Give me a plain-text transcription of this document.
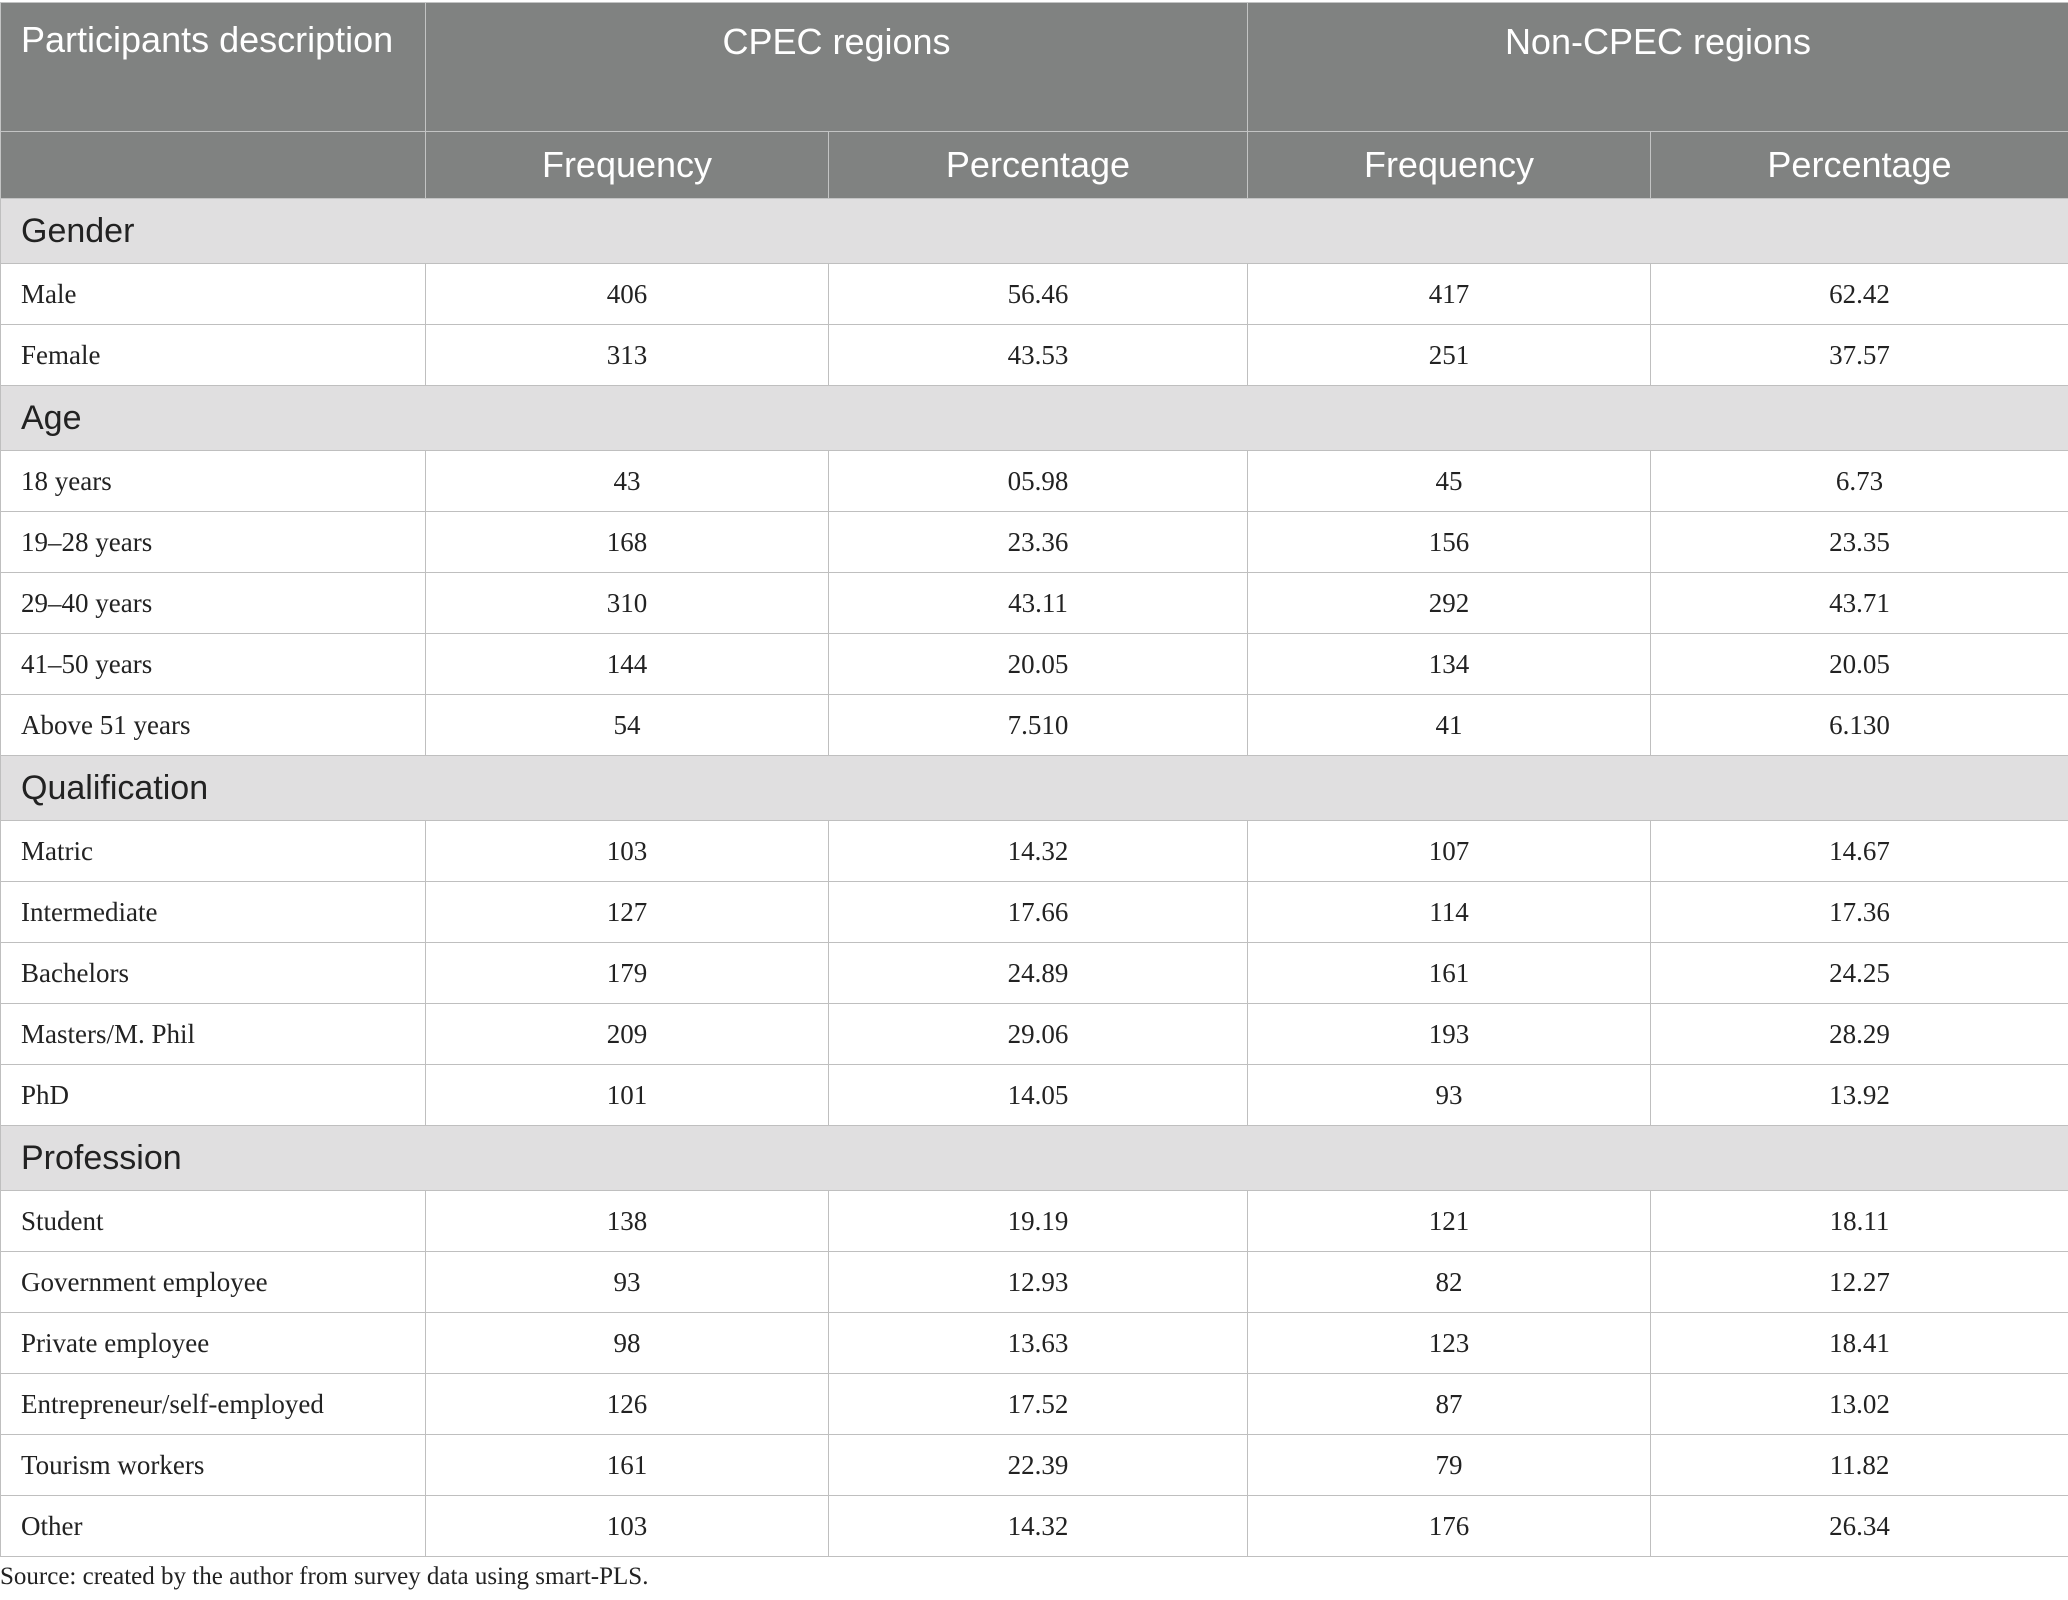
Participants description	CPEC regions		Non-CPEC regions	
	Frequency	Percentage	Frequency	Percentage
Gender				
Male	406	56.46	417	62.42
Female	313	43.53	251	37.57
Age				
18 years	43	05.98	45	6.73
19–28 years	168	23.36	156	23.35
29–40 years	310	43.11	292	43.71
41–50 years	144	20.05	134	20.05
Above 51 years	54	7.510	41	6.130
Qualification				
Matric	103	14.32	107	14.67
Intermediate	127	17.66	114	17.36
Bachelors	179	24.89	161	24.25
Masters/M. Phil	209	29.06	193	28.29
PhD	101	14.05	93	13.92
Profession				
Student	138	19.19	121	18.11
Government employee	93	12.93	82	12.27
Private employee	98	13.63	123	18.41
Entrepreneur/self-employed	126	17.52	87	13.02
Tourism workers	161	22.39	79	11.82
Other	103	14.32	176	26.34
Source: created by the author from survey data using smart-PLS.
